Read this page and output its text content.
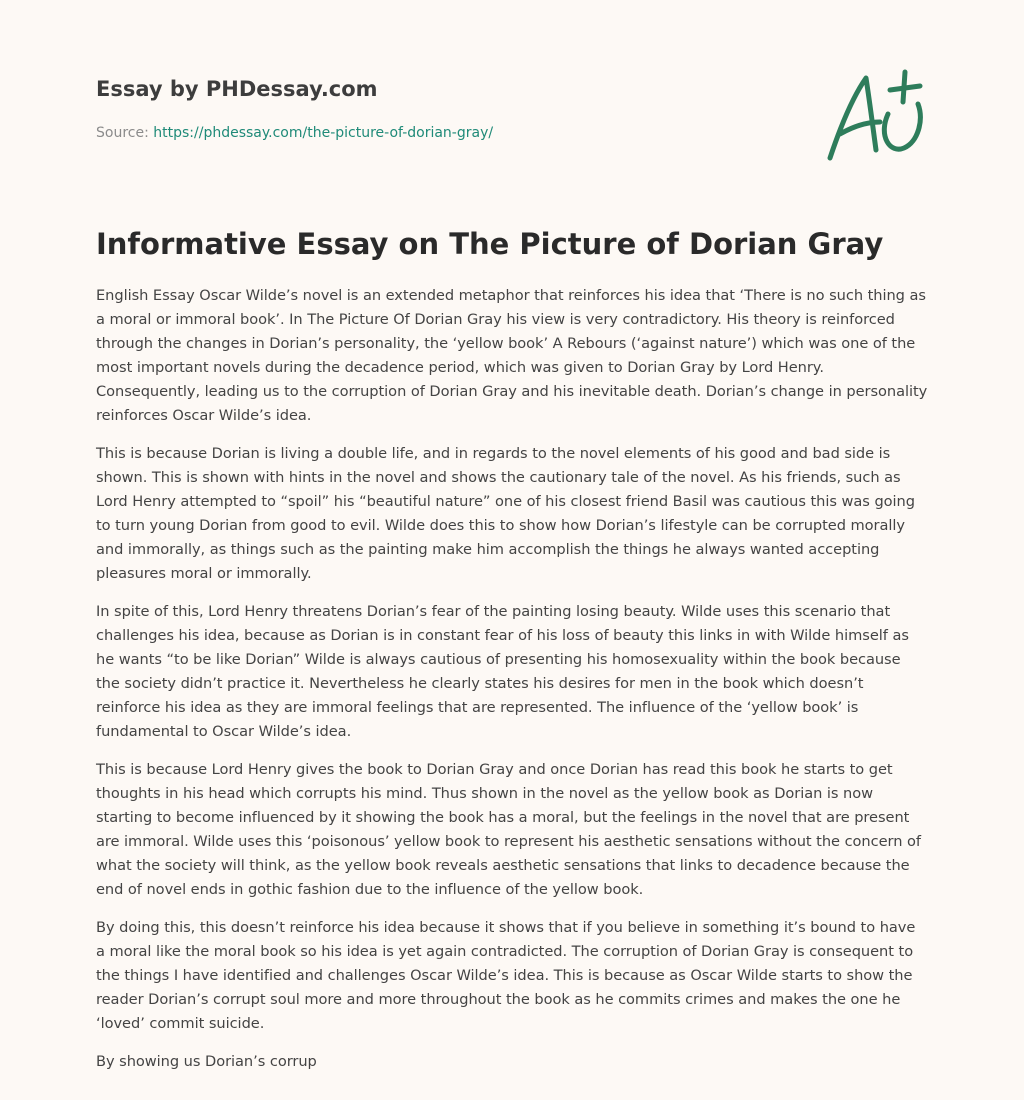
Essay by PHDessay.com
Source: https://phdessay.com/the-picture-of-dorian-gray/
Informative Essay on The Picture of Dorian Gray

English Essay Oscar Wilde’s novel is an extended metaphor that reinforces his idea that ‘There is no such thing as a moral or immoral book’. In The Picture Of Dorian Gray his view is very contradictory. His theory is reinforced through the changes in Dorian’s personality, the ‘yellow book’ A Rebours (‘against nature’) which was one of the most important novels during the decadence period, which was given to Dorian Gray by Lord Henry. Consequently, leading us to the corruption of Dorian Gray and his inevitable death. Dorian’s change in personality reinforces Oscar Wilde’s idea.

This is because Dorian is living a double life, and in regards to the novel elements of his good and bad side is shown. This is shown with hints in the novel and shows the cautionary tale of the novel. As his friends, such as Lord Henry attempted to “spoil” his “beautiful nature” one of his closest friend Basil was cautious this was going to turn young Dorian from good to evil. Wilde does this to show how Dorian’s lifestyle can be corrupted morally and immorally, as things such as the painting make him accomplish the things he always wanted accepting pleasures moral or immorally.

In spite of this, Lord Henry threatens Dorian’s fear of the painting losing beauty. Wilde uses this scenario that challenges his idea, because as Dorian is in constant fear of his loss of beauty this links in with Wilde himself as he wants “to be like Dorian” Wilde is always cautious of presenting his homosexuality within the book because the society didn’t practice it. Nevertheless he clearly states his desires for men in the book which doesn’t reinforce his idea as they are immoral feelings that are represented. The influence of the ‘yellow book’ is fundamental to Oscar Wilde’s idea.

This is because Lord Henry gives the book to Dorian Gray and once Dorian has read this book he starts to get thoughts in his head which corrupts his mind. Thus shown in the novel as the yellow book as Dorian is now starting to become influenced by it showing the book has a moral, but the feelings in the novel that are present are immoral. Wilde uses this ‘poisonous’ yellow book to represent his aesthetic sensations without the concern of what the society will think, as the yellow book reveals aesthetic sensations that links to decadence because the end of novel ends in gothic fashion due to the influence of the yellow book.

By doing this, this doesn’t reinforce his idea because it shows that if you believe in something it’s bound to have a moral like the moral book so his idea is yet again contradicted. The corruption of Dorian Gray is consequent to the things I have identified and challenges Oscar Wilde’s idea. This is because as Oscar Wilde starts to show the reader Dorian’s corrupt soul more and more throughout the book as he commits crimes and makes the one he ‘loved’ commit suicide.

By showing us Dorian’s corrup
